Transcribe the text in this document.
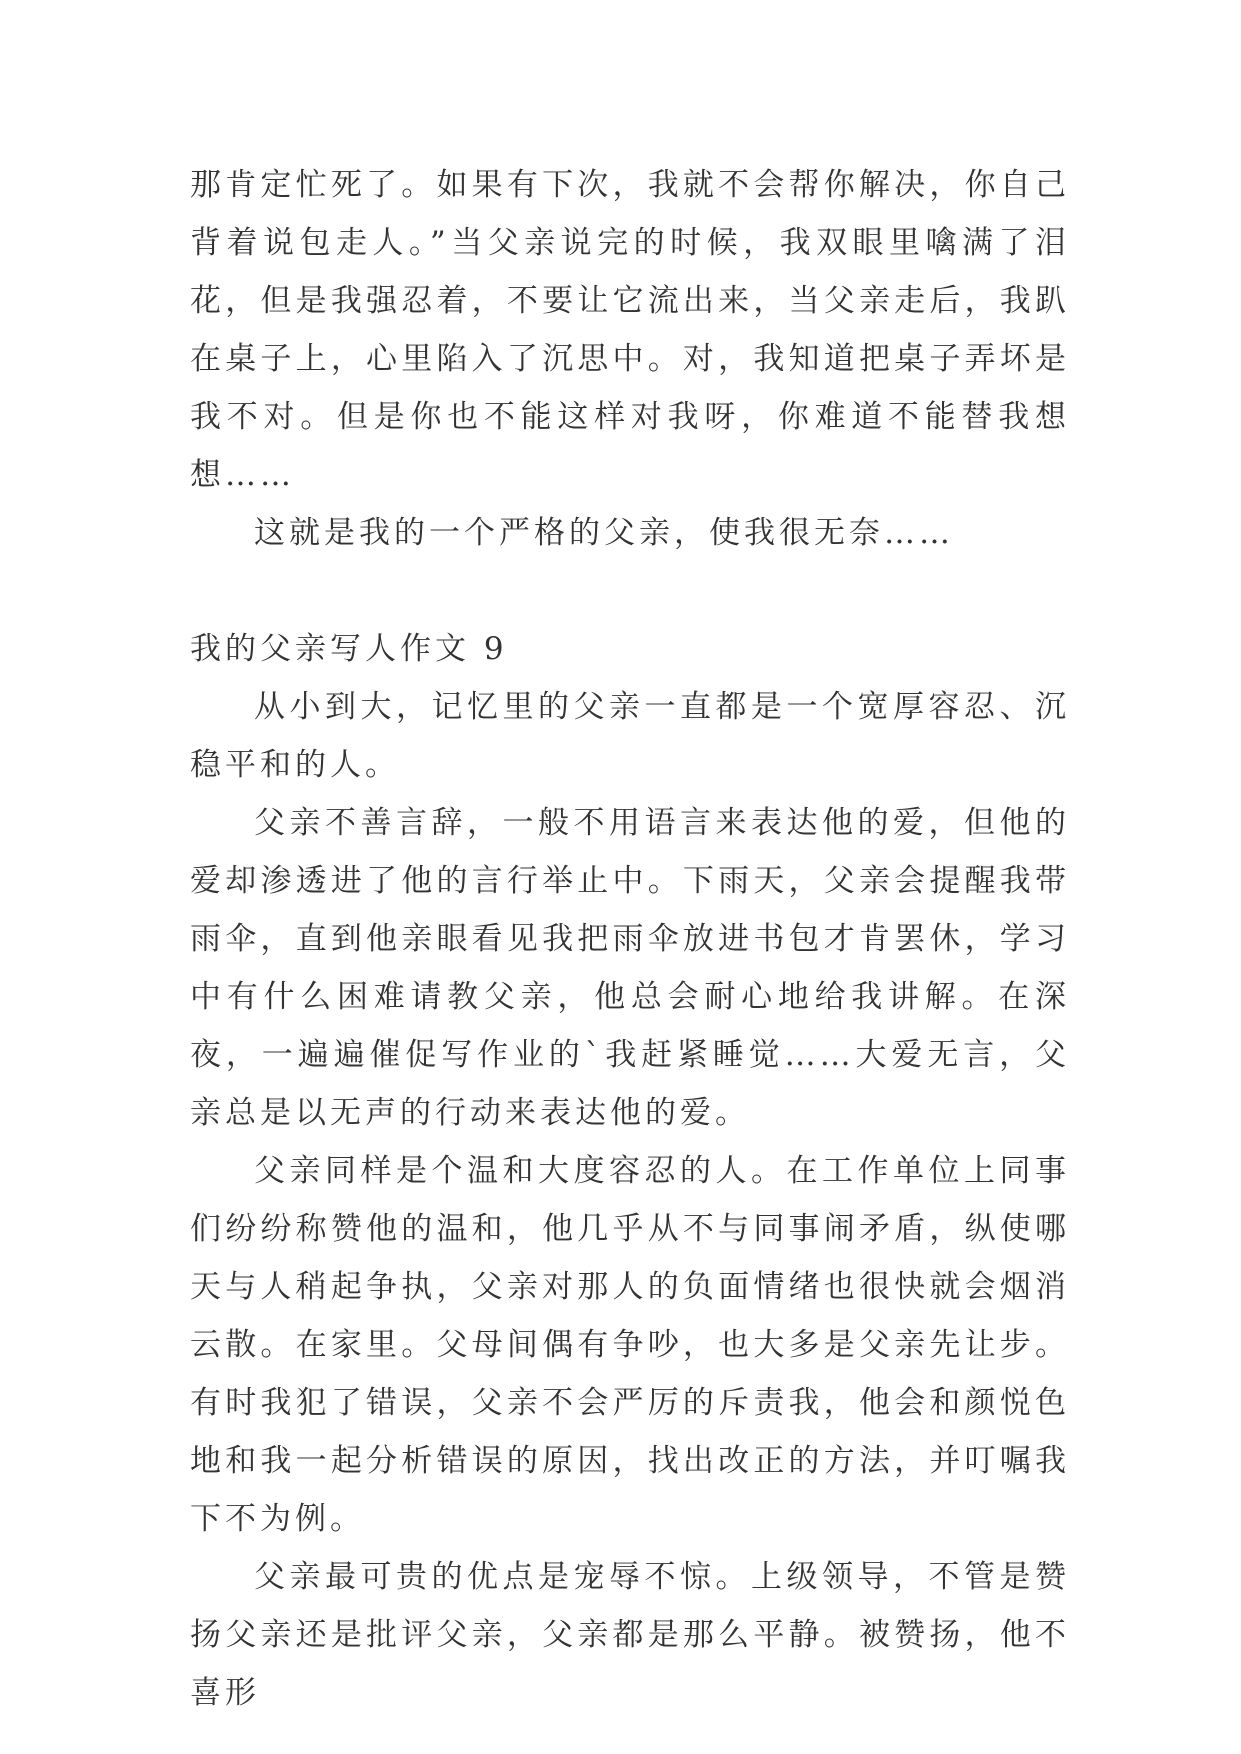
那肯定忙死了。如果有下次，我就不会帮你解决，你自己背着说包走人。”当父亲说完的时候，我双眼里噙满了泪花，但是我强忍着，不要让它流出来，当父亲走后，我趴在桌子上，心里陷入了沉思中。对，我知道把桌子弄坏是我不对。但是你也不能这样对我呀，你难道不能替我想想……

这就是我的一个严格的父亲，使我很无奈……

我的父亲写人作文 9

从小到大，记忆里的父亲一直都是一个宽厚容忍、沉稳平和的人。

父亲不善言辞，一般不用语言来表达他的爱，但他的爱却渗透进了他的言行举止中。下雨天，父亲会提醒我带雨伞，直到他亲眼看见我把雨伞放进书包才肯罢休，学习中有什么困难请教父亲，他总会耐心地给我讲解。在深夜，一遍遍催促写作业的`我赶紧睡觉……大爱无言，父亲总是以无声的行动来表达他的爱。

父亲同样是个温和大度容忍的人。在工作单位上同事们纷纷称赞他的温和，他几乎从不与同事闹矛盾，纵使哪天与人稍起争执，父亲对那人的负面情绪也很快就会烟消云散。在家里。父母间偶有争吵，也大多是父亲先让步。有时我犯了错误，父亲不会严厉的斥责我，他会和颜悦色地和我一起分析错误的原因，找出改正的方法，并叮嘱我下不为例。

父亲最可贵的优点是宠辱不惊。上级领导，不管是赞扬父亲还是批评父亲，父亲都是那么平静。被赞扬，他不喜形
